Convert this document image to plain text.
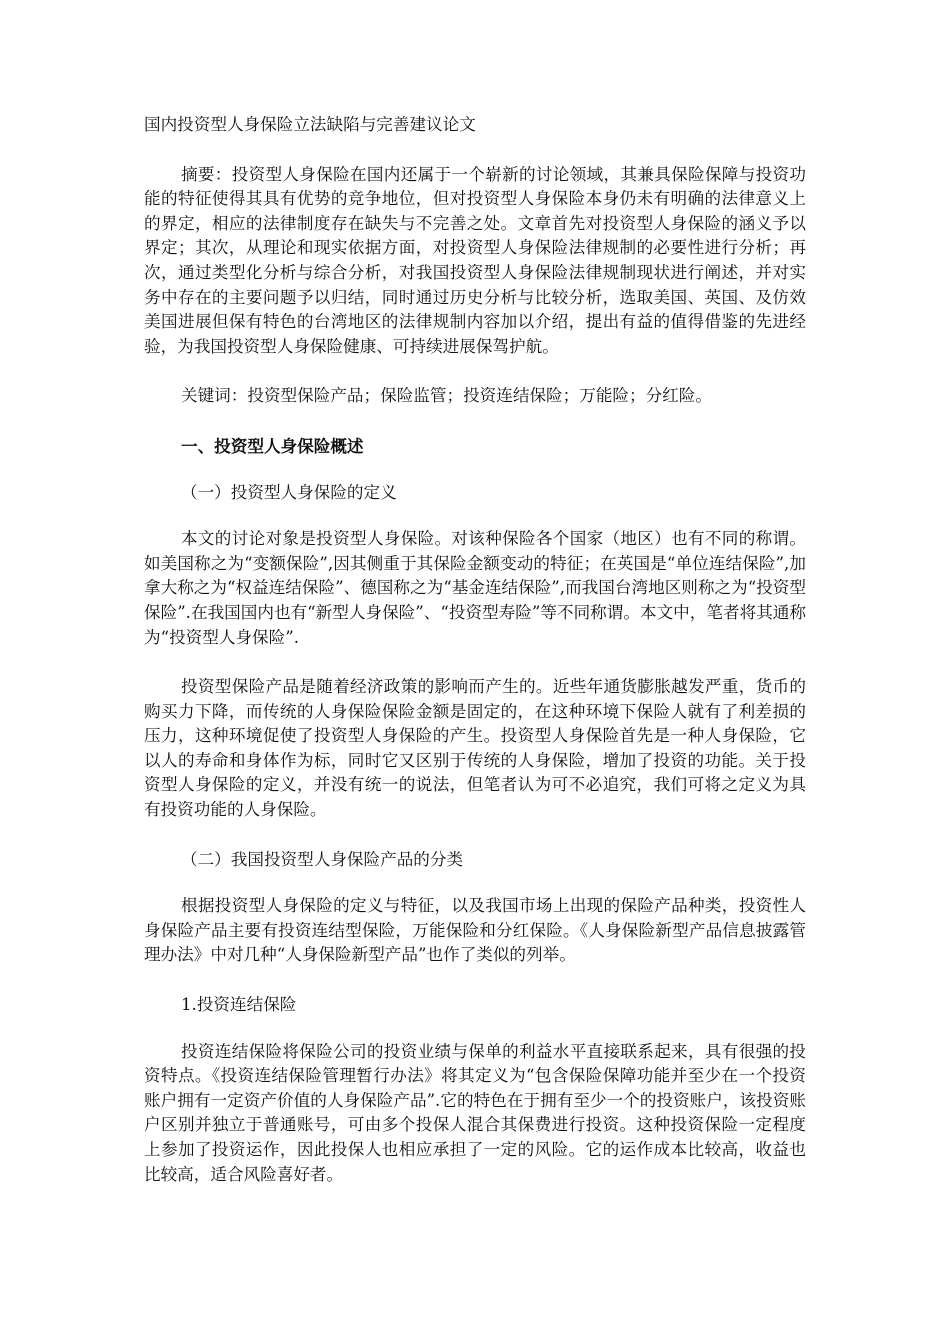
国内投资型人身保险立法缺陷与完善建议论文

摘要：投资型人身保险在国内还属于一个崭新的讨论领域，其兼具保险保障与投资功能的特征使得其具有优势的竞争地位，但对投资型人身保险本身仍未有明确的法律意义上的界定，相应的法律制度存在缺失与不完善之处。文章首先对投资型人身保险的涵义予以界定；其次，从理论和现实依据方面，对投资型人身保险法律规制的必要性进行分析；再次，通过类型化分析与综合分析，对我国投资型人身保险法律规制现状进行阐述，并对实务中存在的主要问题予以归结，同时通过历史分析与比较分析，选取美国、英国、及仿效美国进展但保有特色的台湾地区的法律规制内容加以介绍，提出有益的值得借鉴的先进经验，为我国投资型人身保险健康、可持续进展保驾护航。

关键词：投资型保险产品；保险监管；投资连结保险；万能险；分红险。

一、投资型人身保险概述
（一）投资型人身保险的定义

本文的讨论对象是投资型人身保险。对该种保险各个国家（地区）也有不同的称谓。如美国称之为“变额保险”,因其侧重于其保险金额变动的特征；在英国是“单位连结保险”,加拿大称之为“权益连结保险”、德国称之为“基金连结保险”,而我国台湾地区则称之为“投资型保险”.在我国国内也有“新型人身保险”、“投资型寿险”等不同称谓。本文中，笔者将其通称为“投资型人身保险”.

投资型保险产品是随着经济政策的影响而产生的。近些年通货膨胀越发严重，货币的购买力下降，而传统的人身保险保险金额是固定的，在这种环境下保险人就有了利差损的压力，这种环境促使了投资型人身保险的产生。投资型人身保险首先是一种人身保险，它以人的寿命和身体作为标，同时它又区别于传统的人身保险，增加了投资的功能。关于投资型人身保险的定义，并没有统一的说法，但笔者认为可不必追究，我们可将之定义为具有投资功能的人身保险。

（二）我国投资型人身保险产品的分类

根据投资型人身保险的定义与特征，以及我国市场上出现的保险产品种类，投资性人身保险产品主要有投资连结型保险，万能保险和分红保险。《人身保险新型产品信息披露管理办法》中对几种“人身保险新型产品”也作了类似的列举。

1.投资连结保险

投资连结保险将保险公司的投资业绩与保单的利益水平直接联系起来，具有很强的投资特点。《投资连结保险管理暂行办法》将其定义为“包含保险保障功能并至少在一个投资账户拥有一定资产价值的人身保险产品”.它的特色在于拥有至少一个的投资账户，该投资账户区别并独立于普通账号，可由多个投保人混合其保费进行投资。这种投资保险一定程度上参加了投资运作，因此投保人也相应承担了一定的风险。它的运作成本比较高，收益也比较高，适合风险喜好者。
